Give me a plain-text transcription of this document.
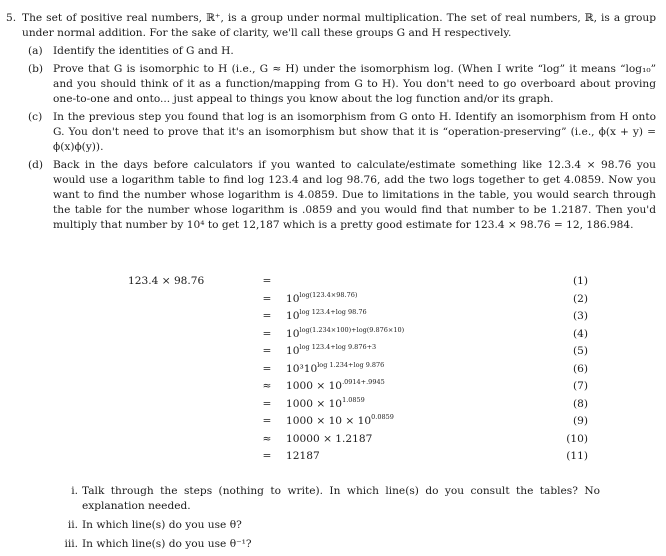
5. The set of positive real numbers, ℝ⁺, is a group under normal multiplication. The set of real numbers, ℝ, is a group under normal addition. For the sake of clarity, we'll call these groups G and H respectively.
(a) Identify the identities of G and H.
(b) Prove that G is isomorphic to H (i.e., G ≈ H) under the isomorphism log. (When I write “log” it means “log₁₀” and you should think of it as a function/mapping from G to H). You don't need to go overboard about proving one-to-one and onto... just appeal to things you know about the log function and/or its graph.
(c) In the previous step you found that log is an isomorphism from G onto H. Identify an isomorphism from H onto G. You don't need to prove that it's an isomorphism but show that it is “operation-preserving” (i.e., ϕ(x + y) = ϕ(x)ϕ(y)).
(d) Back in the days before calculators if you wanted to calculate/estimate something like 12.3.4 × 98.76 you would use a logarithm table to find log 123.4 and log 98.76, add the two logs together to get 4.0859. Now you want to find the number whose logarithm is 4.0859. Due to limitations in the table, you would search through the table for the number whose logarithm is .0859 and you would find that number to be 1.2187. Then you'd multiply that number by 10⁴ to get 12,187 which is a pretty good estimate for 123.4 × 98.76 = 12, 186.984.
123.4 × 98.76	=	(1)
= $10^{log(123.4\times 98.76)}$	(2)
= $10^{log 123.4+log 98.76}$	(3)
= $10^{log(1.234\times 100)+log(9.876\times 10)}$	(4)
= $10^{log 123.4+log 9.876+3}$	(5)
= $10^310^{log 1.234+log 9.876}$	(6)
≈ $1000 \times 10^{.0914+.9945}$	(7)
= $1000 \times 10^{1.0859}$	(8)
= $1000 \times 10 \times 10^{0.0859}$	(9)
≈ 10000 × 1.2187	(10)
= 12187	(11)
i. Talk through the steps (nothing to write). In which line(s) do you consult the tables? No explanation needed.
ii. In which line(s) do you use θ?
iii. In which line(s) do you use θ⁻¹?
